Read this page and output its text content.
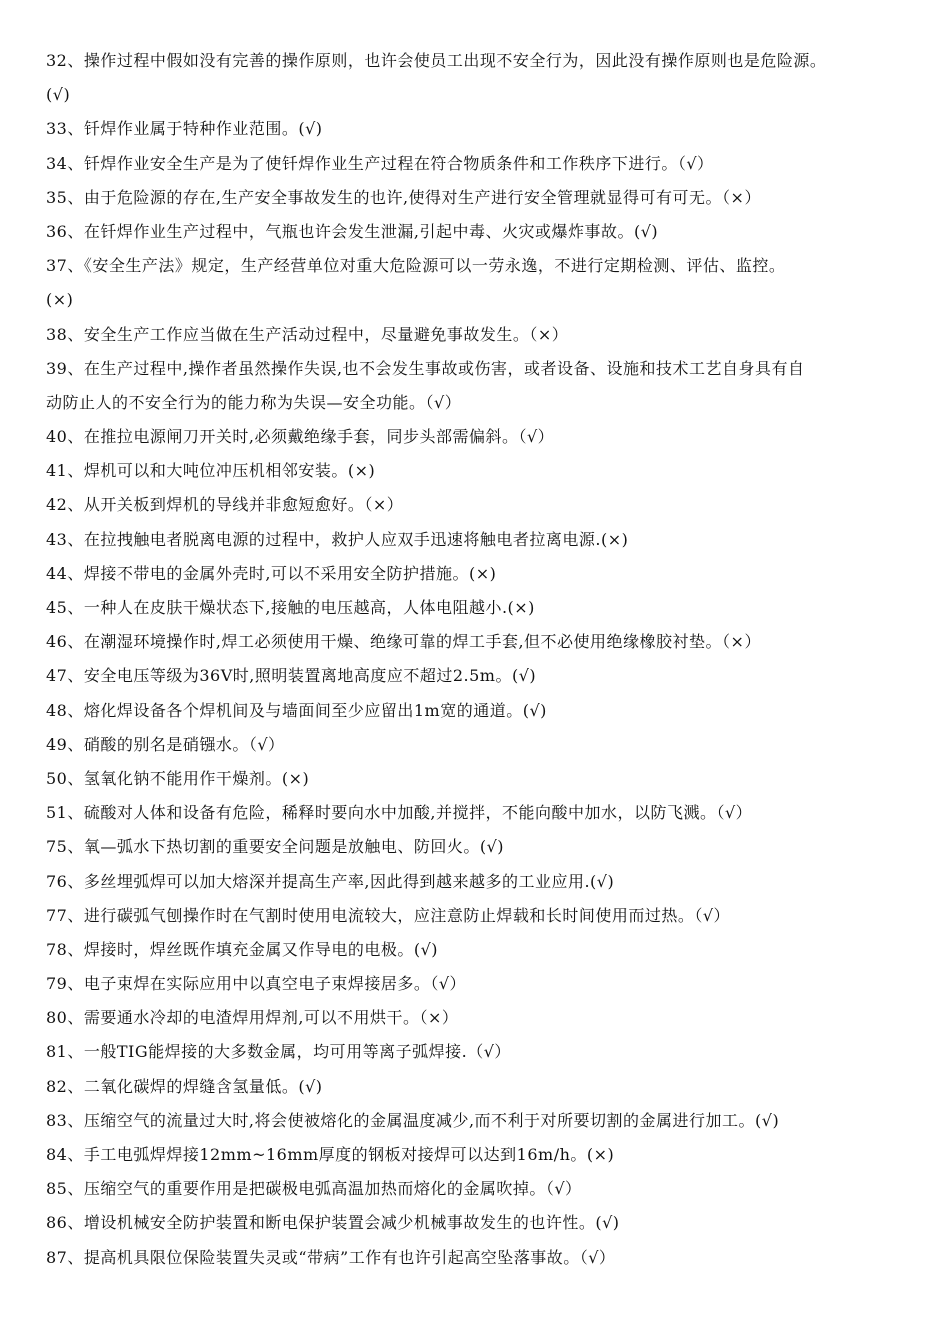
32、操作过程中假如没有完善的操作原则，也许会使员工出现不安全行为，因此没有操作原则也是危险源。
(√)
33、钎焊作业属于特种作业范围。(√)
34、钎焊作业安全生产是为了使钎焊作业生产过程在符合物质条件和工作秩序下进行。（√）
35、由于危险源的存在,生产安全事故发生的也许,使得对生产进行安全管理就显得可有可无。（×）
36、在钎焊作业生产过程中，气瓶也许会发生泄漏,引起中毒、火灾或爆炸事故。(√)
37、《安全生产法》规定，生产经营单位对重大危险源可以一劳永逸，不进行定期检测、评估、监控。
(×)
38、安全生产工作应当做在生产活动过程中，尽量避免事故发生。（×）
39、在生产过程中,操作者虽然操作失误,也不会发生事故或伤害，或者设备、设施和技术工艺自身具有自
动防止人的不安全行为的能力称为失误—安全功能。（√）
40、在推拉电源闸刀开关时,必须戴绝缘手套，同步头部需偏斜。（√）
41、焊机可以和大吨位冲压机相邻安装。(×)
42、从开关板到焊机的导线并非愈短愈好。（×）
43、在拉拽触电者脱离电源的过程中，救护人应双手迅速将触电者拉离电源.(×)
44、焊接不带电的金属外壳时,可以不采用安全防护措施。(×)
45、一种人在皮肤干燥状态下,接触的电压越高，人体电阻越小.(×)
46、在潮湿环境操作时,焊工必须使用干燥、绝缘可靠的焊工手套,但不必使用绝缘橡胶衬垫。（×）
47、安全电压等级为36V时,照明装置离地高度应不超过2.5m。(√)
48、熔化焊设备各个焊机间及与墙面间至少应留出1m宽的通道。(√)
49、硝酸的别名是硝镪水。（√）
50、氢氧化钠不能用作干燥剂。(×)
51、硫酸对人体和设备有危险，稀释时要向水中加酸,并搅拌，不能向酸中加水，以防飞溅。（√）
75、氧—弧水下热切割的重要安全问题是放触电、防回火。(√)
76、多丝埋弧焊可以加大熔深并提高生产率,因此得到越来越多的工业应用.(√)
77、进行碳弧气刨操作时在气割时使用电流较大，应注意防止焊载和长时间使用而过热。（√）
78、焊接时，焊丝既作填充金属又作导电的电极。(√)
79、电子束焊在实际应用中以真空电子束焊接居多。（√）
80、需要通水冷却的电渣焊用焊剂,可以不用烘干。（×）
81、一般TIG能焊接的大多数金属，均可用等离子弧焊接.（√）
82、二氧化碳焊的焊缝含氢量低。(√)
83、压缩空气的流量过大时,将会使被熔化的金属温度减少,而不利于对所要切割的金属进行加工。(√)
84、手工电弧焊焊接12mm~16mm厚度的钢板对接焊可以达到16m/h。(×)
85、压缩空气的重要作用是把碳极电弧高温加热而熔化的金属吹掉。（√）
86、增设机械安全防护装置和断电保护装置会减少机械事故发生的也许性。(√)
87、提高机具限位保险装置失灵或“带病”工作有也许引起高空坠落事故。（√）
